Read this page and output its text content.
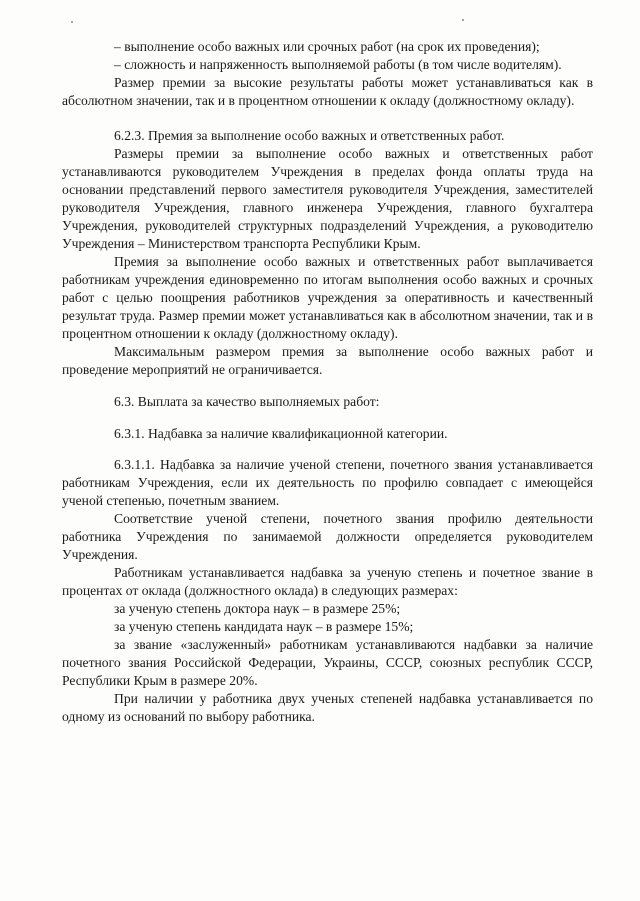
– выполнение особо важных или срочных работ (на срок их проведения);

– сложность и напряженность выполняемой работы (в том числе водителям).

Размер премии за высокие результаты работы может устанавливаться как в абсолютном значении, так и в процентном отношении к окладу (должностному окладу).

6.2.3. Премия за выполнение особо важных и ответственных работ.

Размеры премии за выполнение особо важных и ответственных работ устанавливаются руководителем Учреждения в пределах фонда оплаты труда на основании представлений первого заместителя руководителя Учреждения, заместителей руководителя Учреждения, главного инженера Учреждения, главного бухгалтера Учреждения, руководителей структурных подразделений Учреждения, а руководителю Учреждения – Министерством транспорта Республики Крым.

Премия за выполнение особо важных и ответственных работ выплачивается работникам учреждения единовременно по итогам выполнения особо важных и срочных работ с целью поощрения работников учреждения за оперативность и качественный результат труда. Размер премии может устанавливаться как в абсолютном значении, так и в процентном отношении к окладу (должностному окладу).

Максимальным размером премия за выполнение особо важных работ и проведение мероприятий не ограничивается.

6.3. Выплата за качество выполняемых работ:

6.3.1. Надбавка за наличие квалификационной категории.

6.3.1.1. Надбавка за наличие ученой степени, почетного звания устанавливается работникам Учреждения, если их деятельность по профилю совпадает с имеющейся ученой степенью, почетным званием.

Соответствие ученой степени, почетного звания профилю деятельности работника Учреждения по занимаемой должности определяется руководителем Учреждения.

Работникам устанавливается надбавка за ученую степень и почетное звание в процентах от оклада (должностного оклада) в следующих размерах:

за ученую степень доктора наук – в размере 25%;

за ученую степень кандидата наук – в размере 15%;

за звание «заслуженный» работникам устанавливаются надбавки за наличие почетного звания Российской Федерации, Украины, СССР, союзных республик СССР, Республики Крым в размере 20%.

При наличии у работника двух ученых степеней надбавка устанавливается по одному из оснований по выбору работника.
